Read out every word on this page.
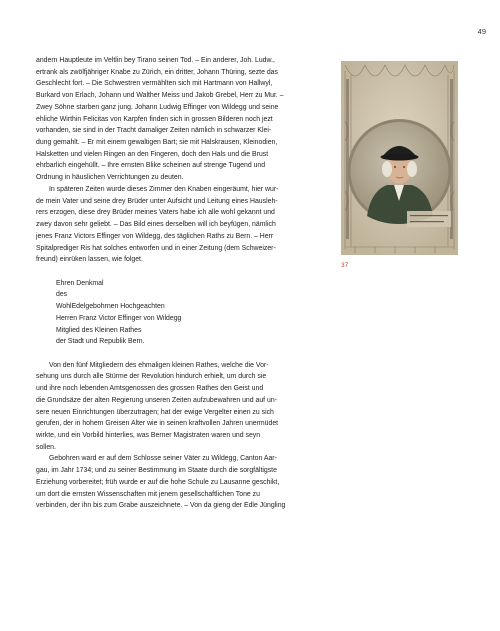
49

andern Hauptleute im Veltlin bey Tirano seinen Tod. – Ein anderer, Joh. Ludw.,
ertrank als zwölfjähriger Knabe zu Zürich, ein dritter, Johann Thüring, sezte das
Geschlecht fort. – Die Schwestren vermählten sich mit Hartmann von Hallwyl,
Burkard von Erlach, Johann und Walther Meiss und Jakob Grebel, Herr zu Mur. –
Zwey Söhne starben ganz jung. Johann Ludwig Effinger von Wildegg und seine
ehliche Wirthin Felicitas von Karpfen finden sich in grossen Bilderen noch jezt
vorhanden, sie sind in der Tracht damaliger Zeiten nämlich in schwarzer Klei-
dung gemahlt. – Er mit einem gewaltigen Bart; sie mit Halskrausen, Kleinodien,
Halsketten und vielen Ringen an den Fingeren, doch den Hals und die Brust
ehrbarlich eingehüllt. – Ihre ernsten Blike scheinen auf strenge Tugend und
Ordnung in häuslichen Verrichtungen zu deuten.

In späteren Zeiten wurde dieses Zimmer den Knaben eingeräumt, hier wur-
de mein Vater und seine drey Brüder unter Aufsicht und Leitung eines Hausleh-
rers erzogen, diese drey Brüder meines Vaters habe ich alle wohl gekannt und
zwey davon sehr geliebt. – Das Bild eines derselben will ich beyfügen, nämlich
jenes Franz Victors Effinger von Wildegg, des täglichen Raths zu Bern. – Herr
Spitalprediger Ris hat solches entworfen und in einer Zeitung (dem Schweizer-
freund) einrüken lassen, wie folget.

Ehren Denkmal
des
WohlEdelgebohrnen Hochgeachten
Herren Franz Victor Effinger von Wildegg
Mitglied des Kleinen Rathes
der Stadt und Republik Bern.

Von den fünf Mitgliedern des ehmaligen kleinen Rathes, welche die Vor-
sehung uns durch alle Stürme der Revolution hindurch erhielt, um durch sie
und ihre noch lebenden Amtsgenossen des grossen Rathes den Geist und
die Grundsäze der alten Regierung unseren Zeiten aufzubewahren und auf un-
sere neuen Einrichtungen überzutragen; hat der ewige Vergelter einen zu sich
gerufen, der in hohem Greisen Alter wie in seinen kraftvollen Jahren unermüdet
wirkte, und ein Vorbild hinterlies, was Berner Magistraten waren und seyn
sollen.

Gebohren ward er auf dem Schlosse seiner Väter zu Wildegg, Canton Aar-
gau, im Jahr 1734; und zu seiner Bestimmung im Staate durch die sorgfältigste
Erziehung vorbereitet; früh wurde er auf die hohe Schule zu Lausanne geschikt,
um dort die ernsten Wissenschaften mit jenem gesellschaftlichen Tone zu
verbinden, der ihn bis zum Grabe auszeichnete. – Von da gieng der Edle Jüngling

37
